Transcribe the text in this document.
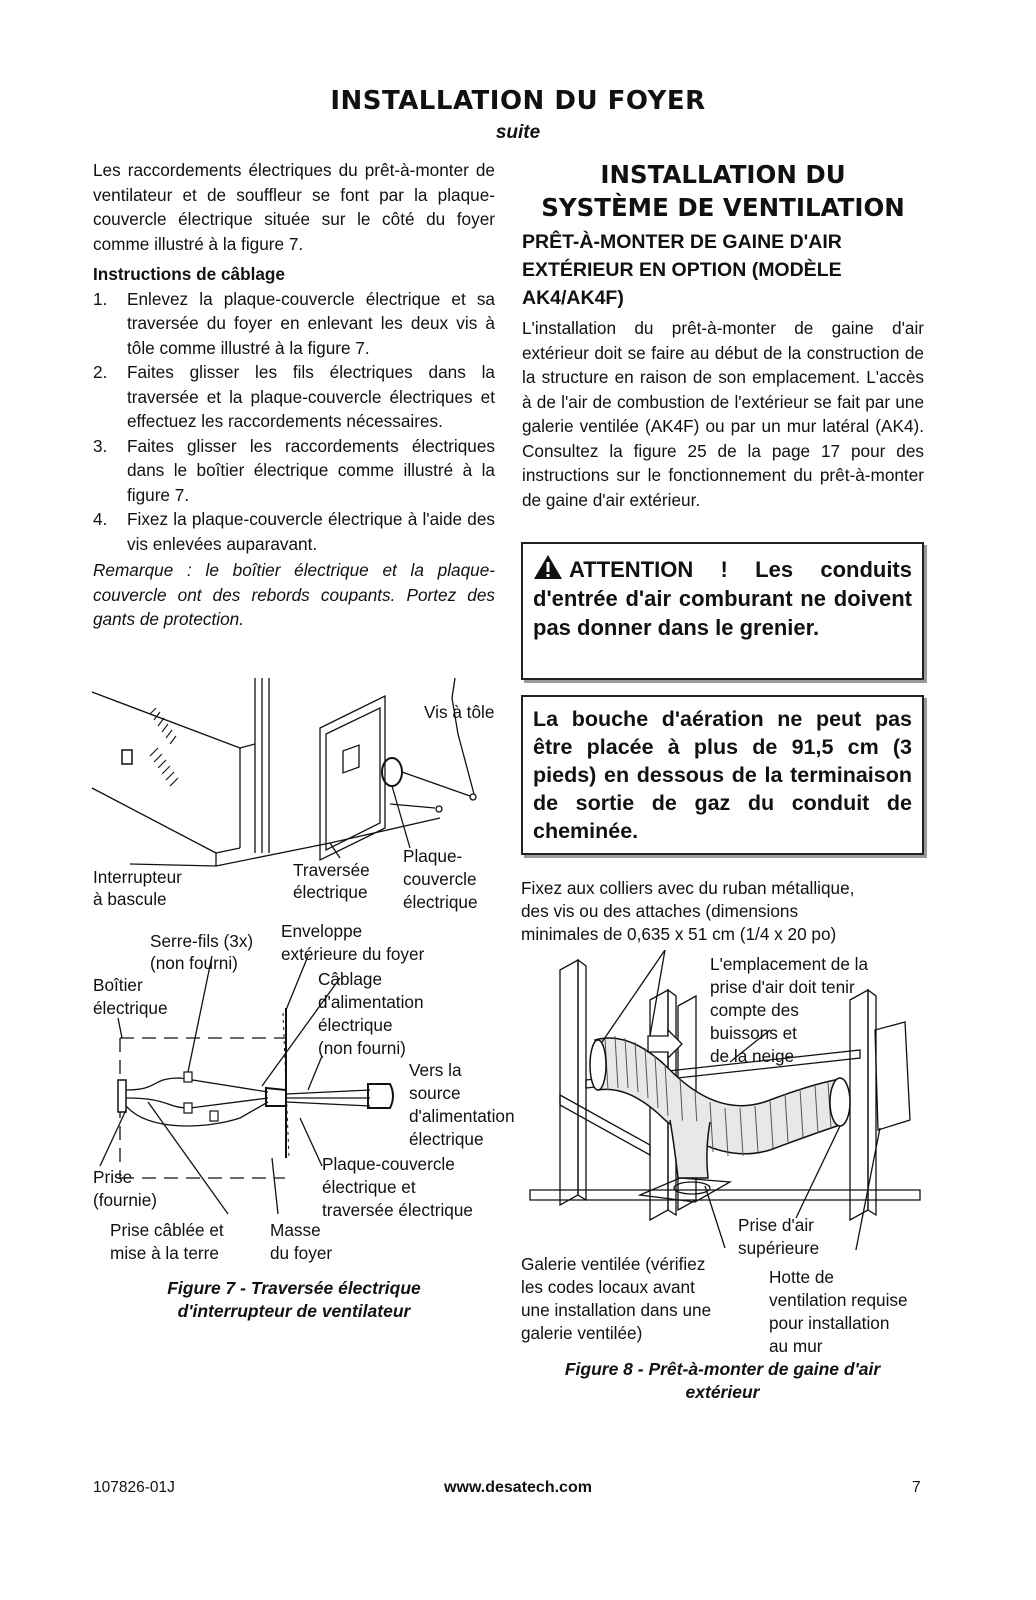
INSTALLATION DU FOYER
suite

Les raccordements électriques du prêt-à-monter de ventilateur et de souffleur se font par la plaque-couvercle électrique située sur le côté du foyer comme illustré à la figure 7.

Instructions de câblage
1. Enlevez la plaque-couvercle électrique et sa traversée du foyer en enlevant les deux vis à tôle comme illustré à la figure 7.
2. Faites glisser les fils électriques dans la traversée et la plaque-couvercle électriques et effectuez les raccordements nécessaires.
3. Faites glisser les raccordements électriques dans le boîtier électrique comme illustré à la figure 7.
4. Fixez la plaque-couvercle électrique à l'aide des vis enlevées auparavant.

Remarque : le boîtier électrique et la plaque-couvercle ont des rebords coupants. Portez des gants de protection.

INSTALLATION DU
SYSTÈME DE VENTILATION
PRÊT-À-MONTER DE GAINE D'AIR EXTÉRIEUR EN OPTION (MODÈLE AK4/AK4F)

L'installation du prêt-à-monter de gaine d'air extérieur doit se faire au début de la construction de la structure en raison de son emplacement. L'accès à de l'air de combustion de l'extérieur se fait par une galerie ventilée (AK4F) ou par un mur latéral (AK4). Consultez la figure 25 de la page 17 pour des instructions sur le fonctionnement du prêt-à-monter de gaine d'air extérieur.

ATTENTION ! Les conduits d'entrée d'air comburant ne doivent pas donner dans le grenier.
La bouche d'aération ne peut pas être placée à plus de 91,5 cm (3 pieds) en dessous de la terminaison de sortie de gaz du conduit de cheminée.
Vis à tôle
Interrupteur
à bascule
Traversée
électrique
Plaque-
couvercle
électrique
Serre-fils (3x)
(non fourni)
Enveloppe
extérieure du foyer
Boîtier
électrique
Câblage
d'alimentation
électrique
(non fourni)
Vers la
source
d'alimentation
électrique
Prise
(fournie)
Plaque-couvercle
électrique et
traversée électrique
Prise câblée et
mise à la terre
Masse
du foyer
Figure 7 - Traversée électrique
d'interrupteur de ventilateur
Fixez aux colliers avec du ruban métallique,
des vis ou des attaches (dimensions
minimales de 0,635 x 51 cm (1/4 x 20 po)
L'emplacement de la
prise d'air doit tenir
compte des
buissons et
de la neige
Prise d'air
supérieure
Galerie ventilée (vérifiez
les codes locaux avant
une installation dans une
galerie ventilée)
Hotte de
ventilation requise
pour installation
au mur
Figure 8 - Prêt-à-monter de gaine d'air
extérieur
107826-01J	www.desatech.com	7
